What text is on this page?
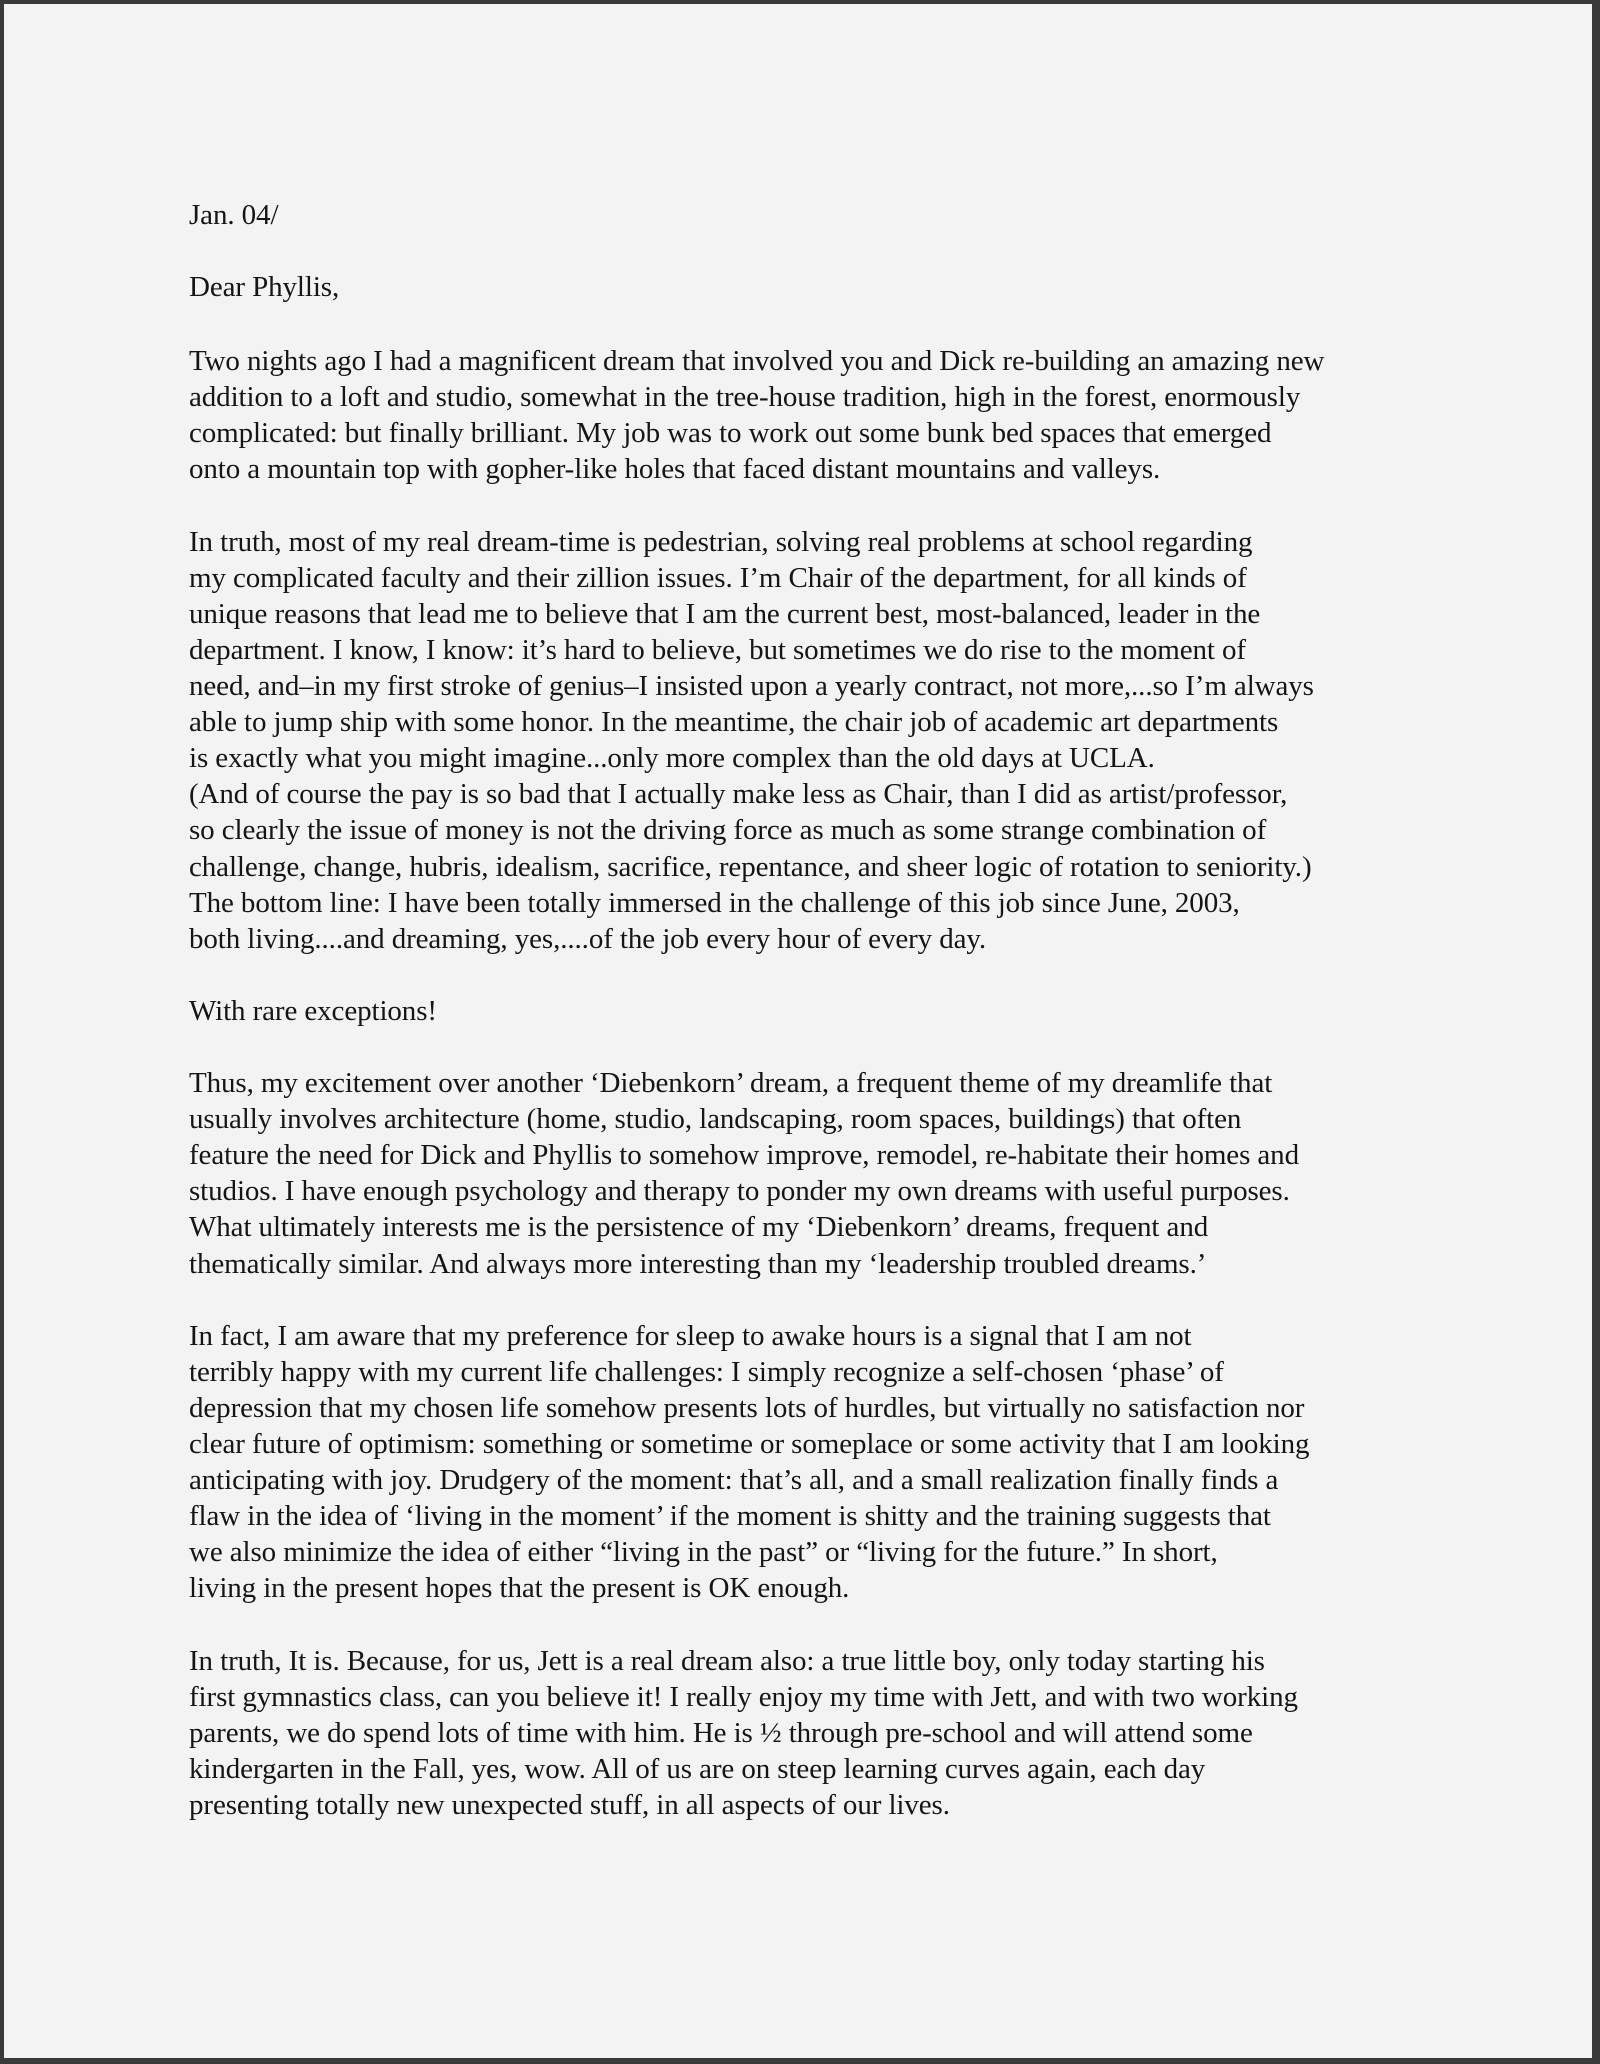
Jan. 04/
Dear Phyllis,
Two nights ago I had a magnificent dream that involved you and Dick re-building an amazing new
addition to a loft and studio, somewhat in the tree-house tradition, high in the forest, enormously
complicated: but finally brilliant. My job was to work out some bunk bed spaces that emerged
onto a mountain top with gopher-like holes that faced distant mountains and valleys.
In truth, most of my real dream-time is pedestrian, solving real problems at school regarding
my complicated faculty and their zillion issues. I’m Chair of the department, for all kinds of
unique reasons that lead me to believe that I am the current best, most-balanced, leader in the
department. I know, I know: it’s hard to believe, but sometimes we do rise to the moment of
need, and–in my first stroke of genius–I insisted upon a yearly contract, not more,...so I’m always
able to jump ship with some honor. In the meantime, the chair job of academic art departments
is exactly what you might imagine...only more complex than the old days at UCLA.
(And of course the pay is so bad that I actually make less as Chair, than I did as artist/professor,
so clearly the issue of money is not the driving force as much as some strange combination of
challenge, change, hubris, idealism, sacrifice, repentance, and sheer logic of rotation to seniority.)
The bottom line: I have been totally immersed in the challenge of this job since June, 2003,
both living....and dreaming, yes,....of the job every hour of every day.
With rare exceptions!
Thus, my excitement over another ‘Diebenkorn’ dream, a frequent theme of my dreamlife that
usually involves architecture (home, studio, landscaping, room spaces, buildings) that often
feature the need for Dick and Phyllis to somehow improve, remodel, re-habitate their homes and
studios. I have enough psychology and therapy to ponder my own dreams with useful purposes.
What ultimately interests me is the persistence of my ‘Diebenkorn’ dreams, frequent and
thematically similar. And always more interesting than my ‘leadership troubled dreams.’
In fact, I am aware that my preference for sleep to awake hours is a signal that I am not
terribly happy with my current life challenges: I simply recognize a self-chosen ‘phase’ of
depression that my chosen life somehow presents lots of hurdles, but virtually no satisfaction nor
clear future of optimism: something or sometime or someplace or some activity that I am looking
anticipating with joy. Drudgery of the moment: that’s all, and a small realization finally finds a
flaw in the idea of ‘living in the moment’ if the moment is shitty and the training suggests that
we also minimize the idea of either “living in the past” or “living for the future.” In short,
living in the present hopes that the present is OK enough.
In truth, It is. Because, for us, Jett is a real dream also: a true little boy, only today starting his
first gymnastics class, can you believe it! I really enjoy my time with Jett, and with two working
parents, we do spend lots of time with him. He is ½ through pre-school and will attend some
kindergarten in the Fall, yes, wow. All of us are on steep learning curves again, each day
presenting totally new unexpected stuff, in all aspects of our lives.
